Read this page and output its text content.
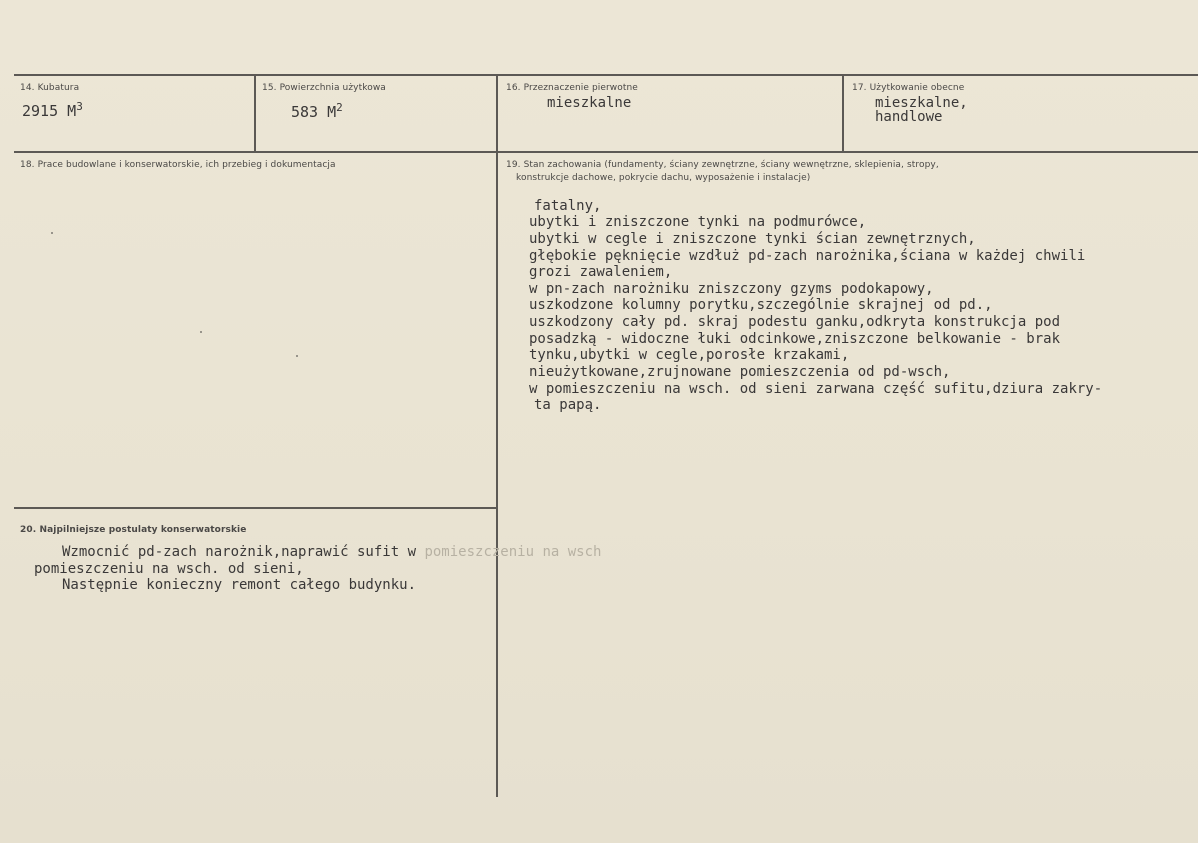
14. Kubatura
2915 $M^3$
15. Powierzchnia użytkowa
583 $M^2$
16. Przeznaczenie pierwotne
mieszkalne
17. Użytkowanie obecne
mieszkalne,
handlowe
18. Prace budowlane i konserwatorskie, ich przebieg i dokumentacja	19. Stan zachowania (fundamenty, ściany zewnętrzne, ściany wewnętrzne, sklepienia, stropy,
konstrukcje dachowe, pokrycie dachu, wyposażenie i instalacje)
fatalny,
ubytki i zniszczone tynki na podmurówce,
ubytki w cegle i zniszczone tynki ścian zewnętrznych,
głębokie pęknięcie wzdłuż pd-zach narożnika,ściana w każdej chwili
grozi zawaleniem,
w pn-zach narożniku zniszczony gzyms podokapowy,
uszkodzone kolumny porytku,szczególnie skrajnej od pd.,
uszkodzony cały pd. skraj podestu ganku,odkryta konstrukcja pod
posadzką - widoczne łuki odcinkowe,zniszczone belkowanie - brak
tynku,ubytki w cegle,porosłe krzakami,
nieużytkowane,zrujnowane pomieszczenia od pd-wsch,
w pomieszczeniu na wsch. od sieni zarwana część sufitu,dziura zakry-
ta papą.
20. Najpilniejsze postulaty konserwatorskie
Wzmocnić pd-zach narożnik,naprawić sufit w pomieszczeniu na wsch
pomieszczeniu na wsch. od sieni,
Następnie konieczny remont całego budynku.
